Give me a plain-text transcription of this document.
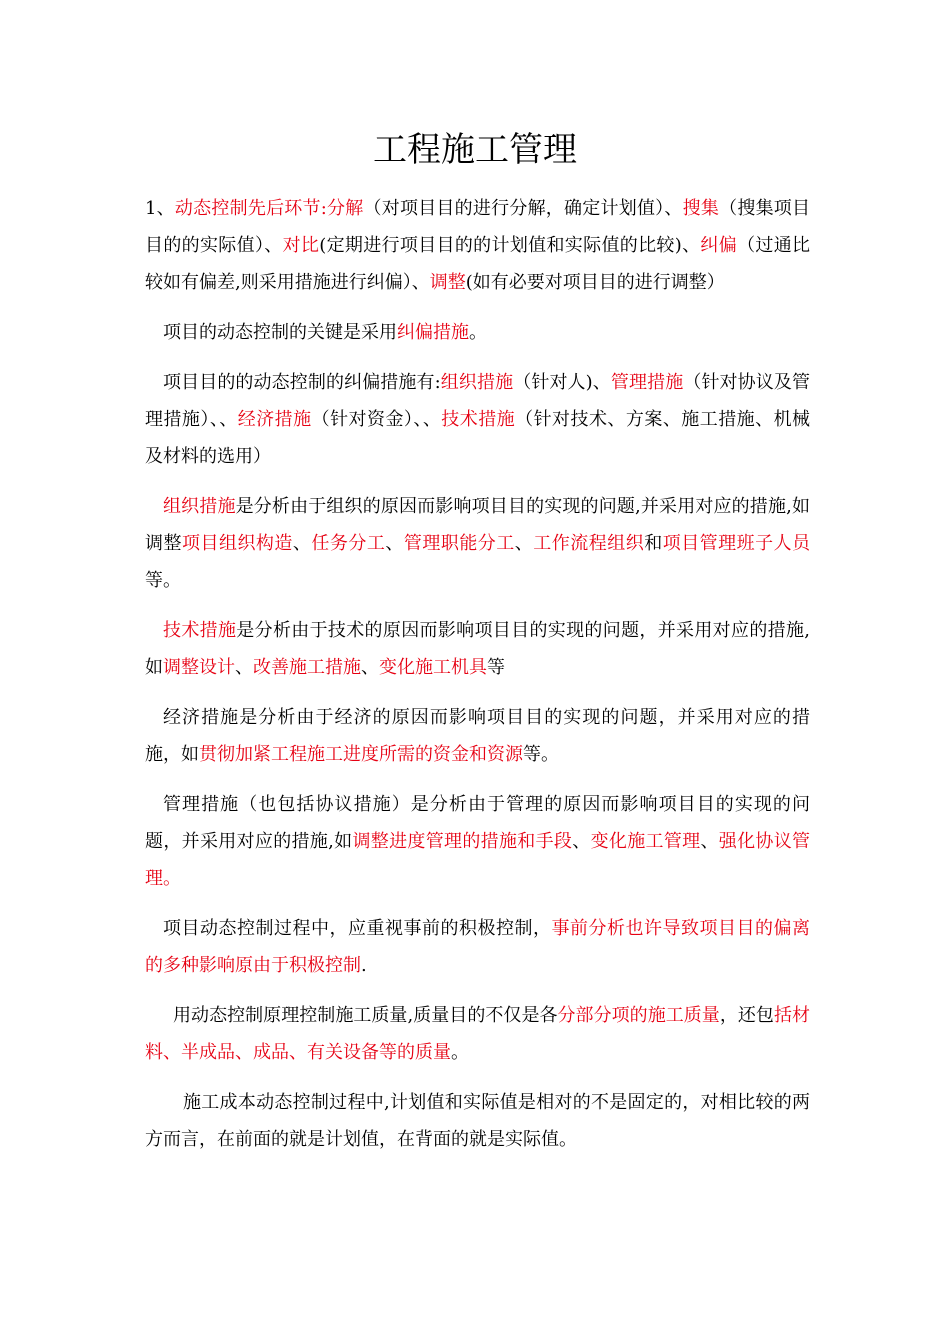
工程施工管理

1、动态控制先后环节:分解（对项目目的进行分解，确定计划值）、搜集（搜集项目目的的实际值）、对比(定期进行项目目的的计划值和实际值的比较)、纠偏（过通比较如有偏差,则采用措施进行纠偏）、调整(如有必要对项目目的进行调整）

项目的动态控制的关键是采用纠偏措施。

项目目的的动态控制的纠偏措施有:组织措施（针对人)、管理措施（针对协议及管理措施）、、经济措施（针对资金）、、技术措施（针对技术、方案、施工措施、机械及材料的选用）

组织措施是分析由于组织的原因而影响项目目的实现的问题,并采用对应的措施,如调整项目组织构造、任务分工、管理职能分工、工作流程组织和项目管理班子人员等。

技术措施是分析由于技术的原因而影响项目目的实现的问题，并采用对应的措施,如调整设计、改善施工措施、变化施工机具等

经济措施是分析由于经济的原因而影响项目目的实现的问题，并采用对应的措施，如贯彻加紧工程施工进度所需的资金和资源等。

管理措施（也包括协议措施）是分析由于管理的原因而影响项目目的实现的问题，并采用对应的措施,如调整进度管理的措施和手段、变化施工管理、强化协议管理。

项目动态控制过程中，应重视事前的积极控制，事前分析也许导致项目目的偏离的多种影响原由于积极控制.

用动态控制原理控制施工质量,质量目的不仅是各分部分项的施工质量，还包括材料、半成品、成品、有关设备等的质量。

施工成本动态控制过程中,计划值和实际值是相对的不是固定的，对相比较的两方而言，在前面的就是计划值，在背面的就是实际值。
